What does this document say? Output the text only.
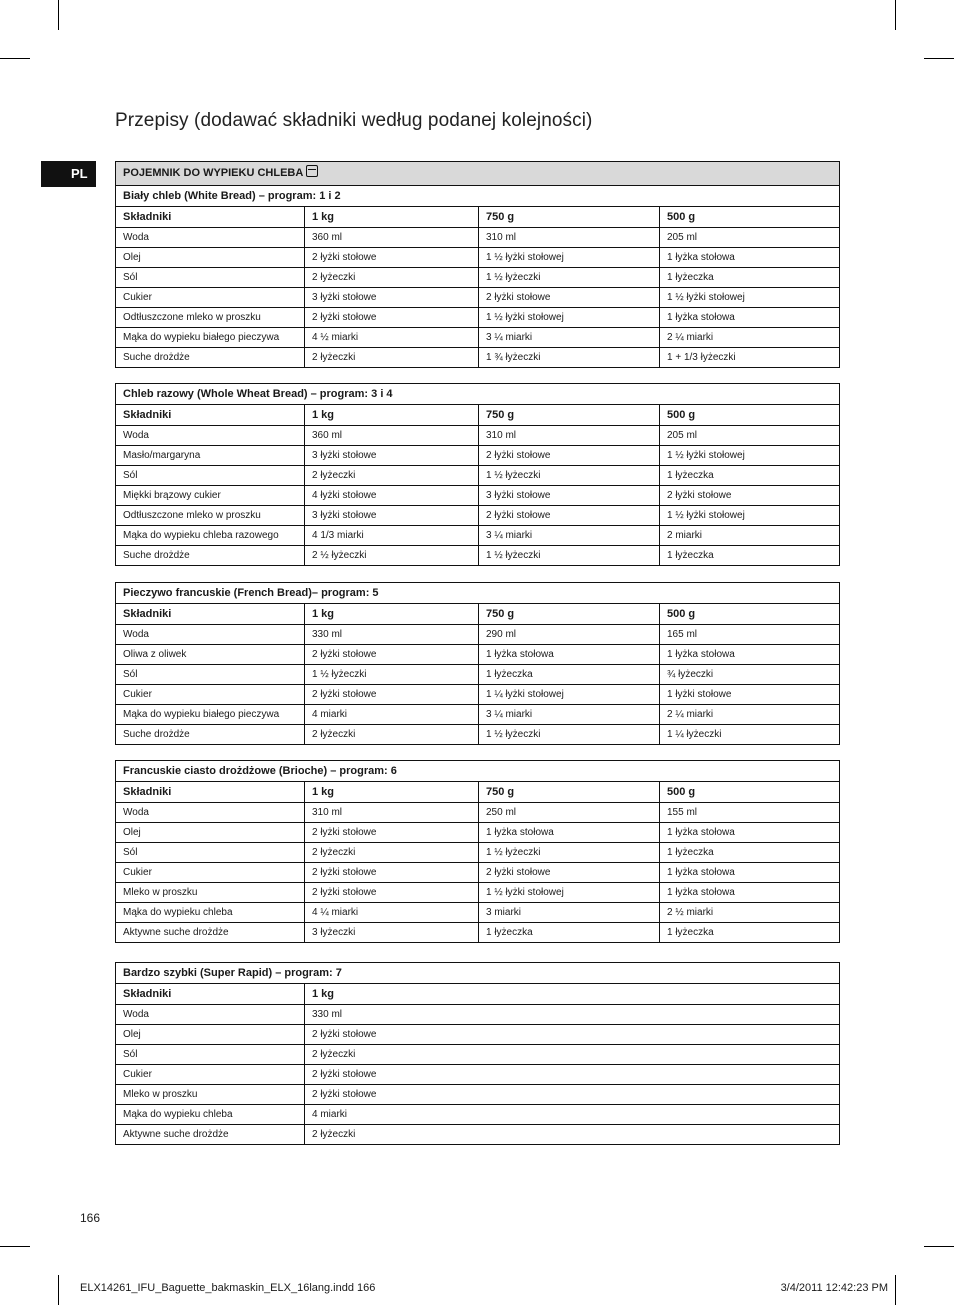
Przepisy (dodawać składniki według podanej kolejności)
PL	POJEMNIK DO WYPIEKU CHLEBA			
Biały chleb (White Bread) – program: 1 i 2			
Składniki	1 kg	750 g	500 g
Woda	360 ml	310 ml	205 ml
Olej	2 łyżki stołowe	1 ½ łyżki stołowej	1 łyżka stołowa
Sól	2 łyżeczki	1 ½ łyżeczki	1 łyżeczka
Cukier	3 łyżki stołowe	2 łyżki stołowe	1 ½ łyżki stołowej
Odtłuszczone mleko w proszku	2 łyżki stołowe	1 ½ łyżki stołowej	1 łyżka stołowa
Mąka do wypieku białego pieczywa	4 ½ miarki	3 ¼ miarki	2 ¼ miarki
Suche drożdże	2 łyżeczki	1 ¾ łyżeczki	1 + 1/3 łyżeczki
Chleb razowy (Whole Wheat Bread) – program: 3 i 4			
Składniki	1 kg	750 g	500 g
Woda	360 ml	310 ml	205 ml
Masło/margaryna	3 łyżki stołowe	2 łyżki stołowe	1 ½ łyżki stołowej
Sól	2 łyżeczki	1 ½ łyżeczki	1 łyżeczka
Miękki brązowy cukier	4 łyżki stołowe	3 łyżki stołowe	2 łyżki stołowe
Odtłuszczone mleko w proszku	3 łyżki stołowe	2 łyżki stołowe	1 ½ łyżki stołowej
Mąka do wypieku chleba razowego	4 1/3 miarki	3 ¼ miarki	2 miarki
Suche drożdże	2 ½ łyżeczki	1 ½ łyżeczki	1 łyżeczka
Pieczywo francuskie (French Bread)– program: 5			
Składniki	1 kg	750 g	500 g
Woda	330 ml	290 ml	165 ml
Oliwa z oliwek	2 łyżki stołowe	1 łyżka stołowa	1 łyżka stołowa
Sól	1 ½ łyżeczki	1 łyżeczka	¾ łyżeczki
Cukier	2 łyżki stołowe	1 ¼ łyżki stołowej	1 łyżki stołowe
Mąka do wypieku białego pieczywa	4 miarki	3 ¼ miarki	2 ¼ miarki
Suche drożdże	2 łyżeczki	1 ½ łyżeczki	1 ¼ łyżeczki
Francuskie ciasto drożdżowe (Brioche) – program: 6			
Składniki	1 kg	750 g	500 g
Woda	310 ml	250 ml	155 ml
Olej	2 łyżki stołowe	1 łyżka stołowa	1 łyżka stołowa
Sól	2 łyżeczki	1 ½ łyżeczki	1 łyżeczka
Cukier	2 łyżki stołowe	2 łyżki stołowe	1 łyżka stołowa
Mleko w proszku	2 łyżki stołowe	1 ½ łyżki stołowej	1 łyżka stołowa
Mąka do wypieku chleba	4 ¼ miarki	3 miarki	2 ½ miarki
Aktywne suche drożdże	3 łyżeczki	1 łyżeczka	1 łyżeczka
Bardzo szybki (Super Rapid) – program: 7	
Składniki	1 kg
Woda	330 ml
Olej	2 łyżki stołowe
Sól	2 łyżeczki
Cukier	2 łyżki stołowe
Mleko w proszku	2 łyżki stołowe
Mąka do wypieku chleba	4 miarki
Aktywne suche drożdże	2 łyżeczki
166
ELX14261_IFU_Baguette_bakmaskin_ELX_16lang.indd 166	3/4/2011 12:42:23 PM
